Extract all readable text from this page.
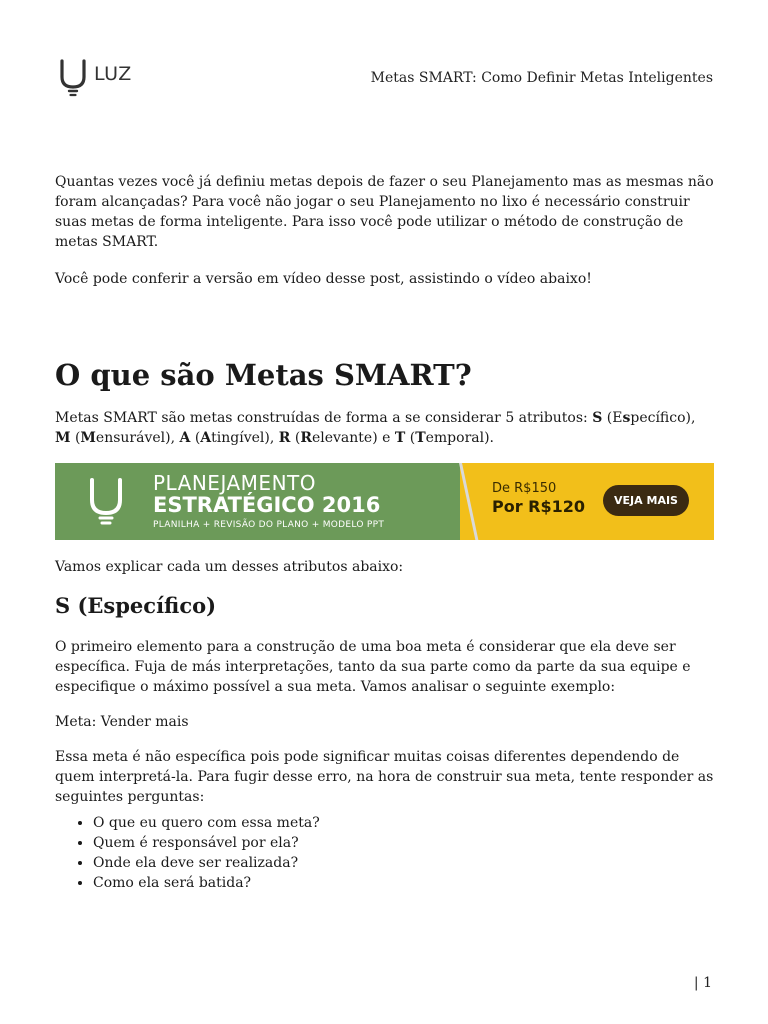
LUZ	Metas SMART: Como Definir Metas Inteligentes

Quantas vezes você já definiu metas depois de fazer o seu Planejamento mas as mesmas não foram alcançadas? Para você não jogar o seu Planejamento no lixo é necessário construir suas metas de forma inteligente. Para isso você pode utilizar o método de construção de metas SMART.

Você pode conferir a versão em vídeo desse post, assistindo o vídeo abaixo!

O que são Metas SMART?

Metas SMART são metas construídas de forma a se considerar 5 atributos: S (Específico), M (Mensurável), A (Atingível), R (Relevante) e T (Temporal).

PLANEJAMENTO
ESTRATÉGICO 2016
PLANILHA + REVISÃO DO PLANO + MODELO PPT
De R$150
Por R$120	VEJA MAIS

Vamos explicar cada um desses atributos abaixo:

S (Específico)

O primeiro elemento para a construção de uma boa meta é considerar que ela deve ser específica. Fuja de más interpretações, tanto da sua parte como da parte da sua equipe e especifique o máximo possível a sua meta. Vamos analisar o seguinte exemplo:

Meta: Vender mais

Essa meta é não específica pois pode significar muitas coisas diferentes dependendo de quem interpretá-la. Para fugir desse erro, na hora de construir sua meta, tente responder as seguintes perguntas:

• O que eu quero com essa meta?
• Quem é responsável por ela?
• Onde ela deve ser realizada?
• Como ela será batida?
| 1
